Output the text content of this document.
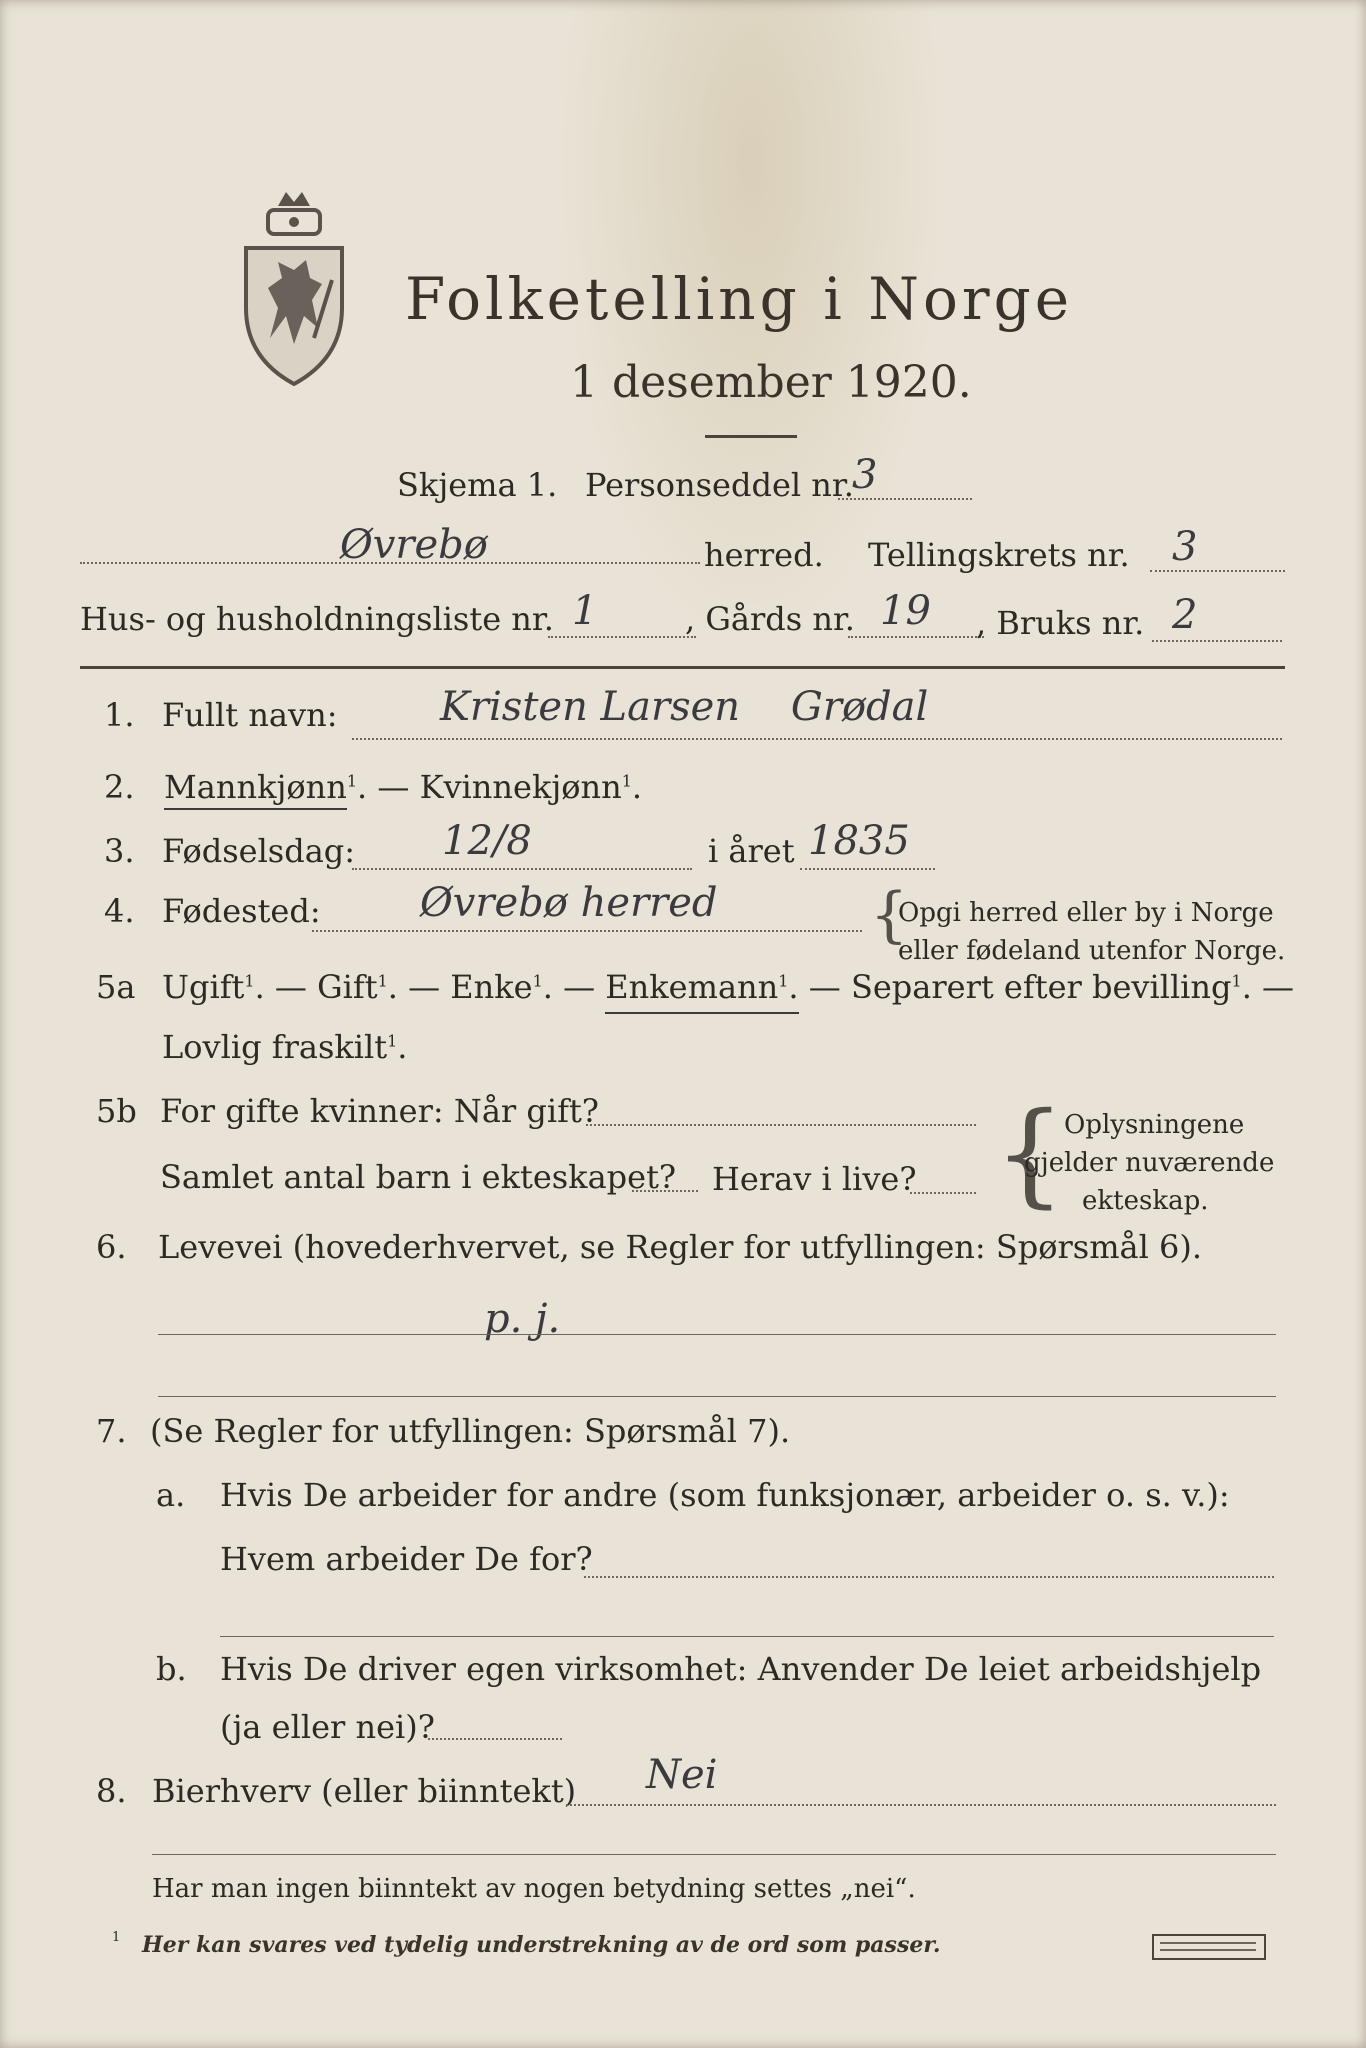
Folketelling i Norge
1 desember 1920.
Skjema 1. Personseddel nr.
3
Øvrebø	herred. Tellingskrets nr. 3
Hus- og husholdningsliste nr. 1	, Gårds nr. 19 , Bruks nr. 2
1. Fullt navn:	Kristen Larsen    Grødal
2. Mannkjønn
$^1$. — Kvinnekjønn$^1$.
3. Fødselsdag: 12/8	i året 1835
4. Fødested: Øvrebø herred	{
Opgi herred eller by i Norge
eller fødeland utenfor Norge.
5a Ugift$^1$. — Gift$^1$. — Enke$^1$. — Enkemann$^1$.
— Separert efter bevilling$^1$. —
Lovlig fraskilt$^1$.
5b For gifte kvinner: Når gift?
Samlet antal barn i ekteskapet? Herav i live? {
Oplysningene
gjelder nuværende
ekteskap.
6. Levevei (hovederhvervet, se Regler for utfyllingen: Spørsmål 6).
p. j.
7. (Se Regler for utfyllingen: Spørsmål 7).
a. Hvis De arbeider for andre (som funksjonær, arbeider o. s. v.):
Hvem arbeider De for?
b. Hvis De driver egen virksomhet: Anvender De leiet arbeidshjelp
(ja eller nei)?
8. Bierhverv (eller biinntekt) Nei
Har man ingen biinntekt av nogen betydning settes „nei“.
1 Her kan svares ved tydelig understrekning av de ord som passer.
